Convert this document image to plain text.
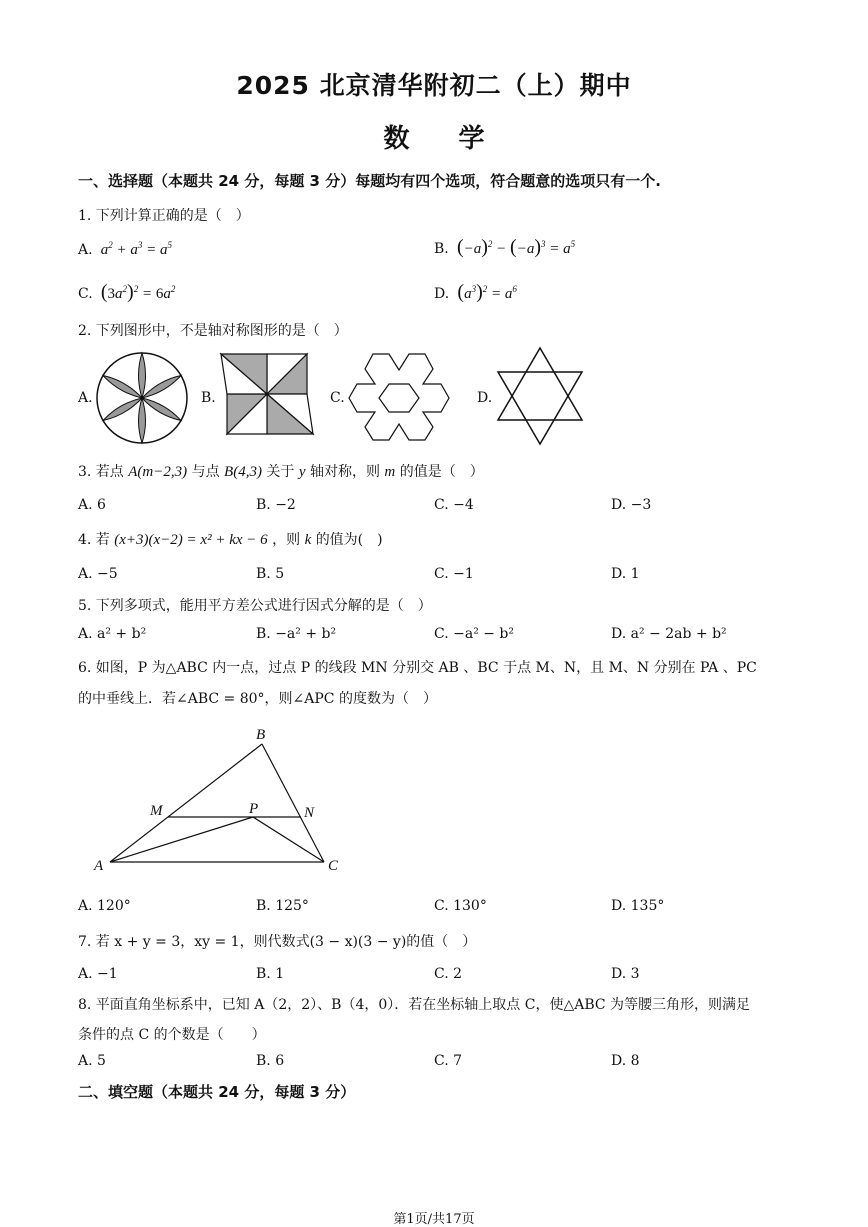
2025 北京清华附初二（上）期中
数 学
一、选择题（本题共 24 分，每题 3 分）每题均有四个选项，符合题意的选项只有一个.
1. 下列计算正确的是（　）
A.  $a^2 + a^3 = a^5$	B. $(-a)^2 - (-a)^3 = a^5$
C. $(3a^2)^2 = 6a^2$	D. $(a^3)^2 = a^6$
2. 下列图形中，不是轴对称图形的是（　）
A.	B.	C.	D.
3. 若点 A(m−2,3) 与点 B(4,3) 关于 y 轴对称，则 m 的值是（　）
A. 6	B. −2	C. −4	D. −3
4. 若 (x+3)(x−2) = x² + kx − 6 ，则 k 的值为(　)
A. −5	B. 5	C. −1	D. 1
5. 下列多项式，能用平方差公式进行因式分解的是（　）
A. a² + b²	B. −a² + b²	C. −a² − b²	D. a² − 2ab + b²
6. 如图，P 为△ABC 内一点，过点 P 的线段 MN 分别交 AB 、BC 于点 M、N，且 M、N 分别在 PA 、PC
的中垂线上．若∠ABC = 80°，则∠APC 的度数为（　）
B
M	P	N
A	C
A. 120°	B. 125°	C. 130°	D. 135°
7. 若 x + y = 3，xy = 1，则代数式(3 − x)(3 − y)的值（　）
A. −1	B. 1	C. 2	D. 3
8. 平面直角坐标系中，已知 A（2，2）、B（4，0）．若在坐标轴上取点 C，使△ABC 为等腰三角形，则满足
条件的点 C 的个数是（　　）
A. 5	B. 6	C. 7	D. 8
二、填空题（本题共 24 分，每题 3 分）
第1页/共17页
